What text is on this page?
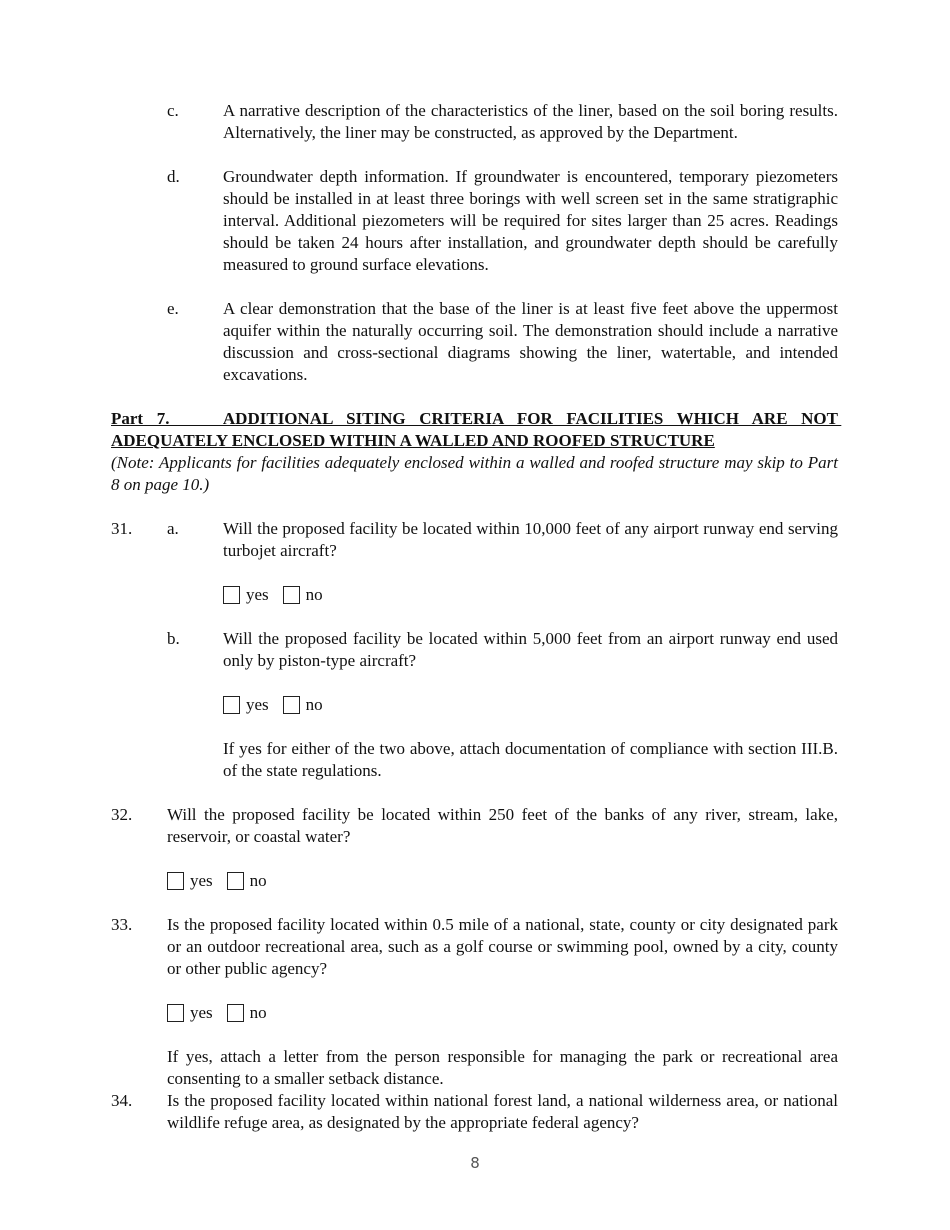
c.	A narrative description of the characteristics of the liner, based on the soil boring results. Alternatively, the liner may be constructed, as approved by the Department.

d.	Groundwater depth information. If groundwater is encountered, temporary piezometers should be installed in at least three borings with well screen set in the same stratigraphic interval. Additional piezometers will be required for sites larger than 25 acres. Readings should be taken 24 hours after installation, and groundwater depth should be carefully measured to ground surface elevations.

e.	A clear demonstration that the base of the liner is at least five feet above the uppermost aquifer within the naturally occurring soil. The demonstration should include a narrative discussion and cross-sectional diagrams showing the liner, watertable, and intended excavations.

Part 7.    ADDITIONAL SITING CRITERIA FOR FACILITIES WHICH ARE NOT ADEQUATELY ENCLOSED WITHIN A WALLED AND ROOFED STRUCTURE

(Note: Applicants for facilities adequately enclosed within a walled and roofed structure may skip to Part 8 on page 10.)

31. a.	Will the proposed facility be located within 10,000 feet of any airport runway end serving turbojet aircraft?

yes no
b.	Will the proposed facility be located within 5,000 feet from an airport runway end used only by piston-type aircraft?

yes no

If yes for either of the two above, attach documentation of compliance with section III.B. of the state regulations.

32. Will the proposed facility be located within 250 feet of the banks of any river, stream, lake, reservoir, or coastal water?

yes no
33. Is the proposed facility located within 0.5 mile of a national, state, county or city designated park or an outdoor recreational area, such as a golf course or swimming pool, owned by a city, county or other public agency?

yes no

If yes, attach a letter from the person responsible for managing the park or recreational area consenting to a smaller setback distance.

34. Is the proposed facility located within national forest land, a national wilderness area, or national wildlife refuge area, as designated by the appropriate federal agency?

8
